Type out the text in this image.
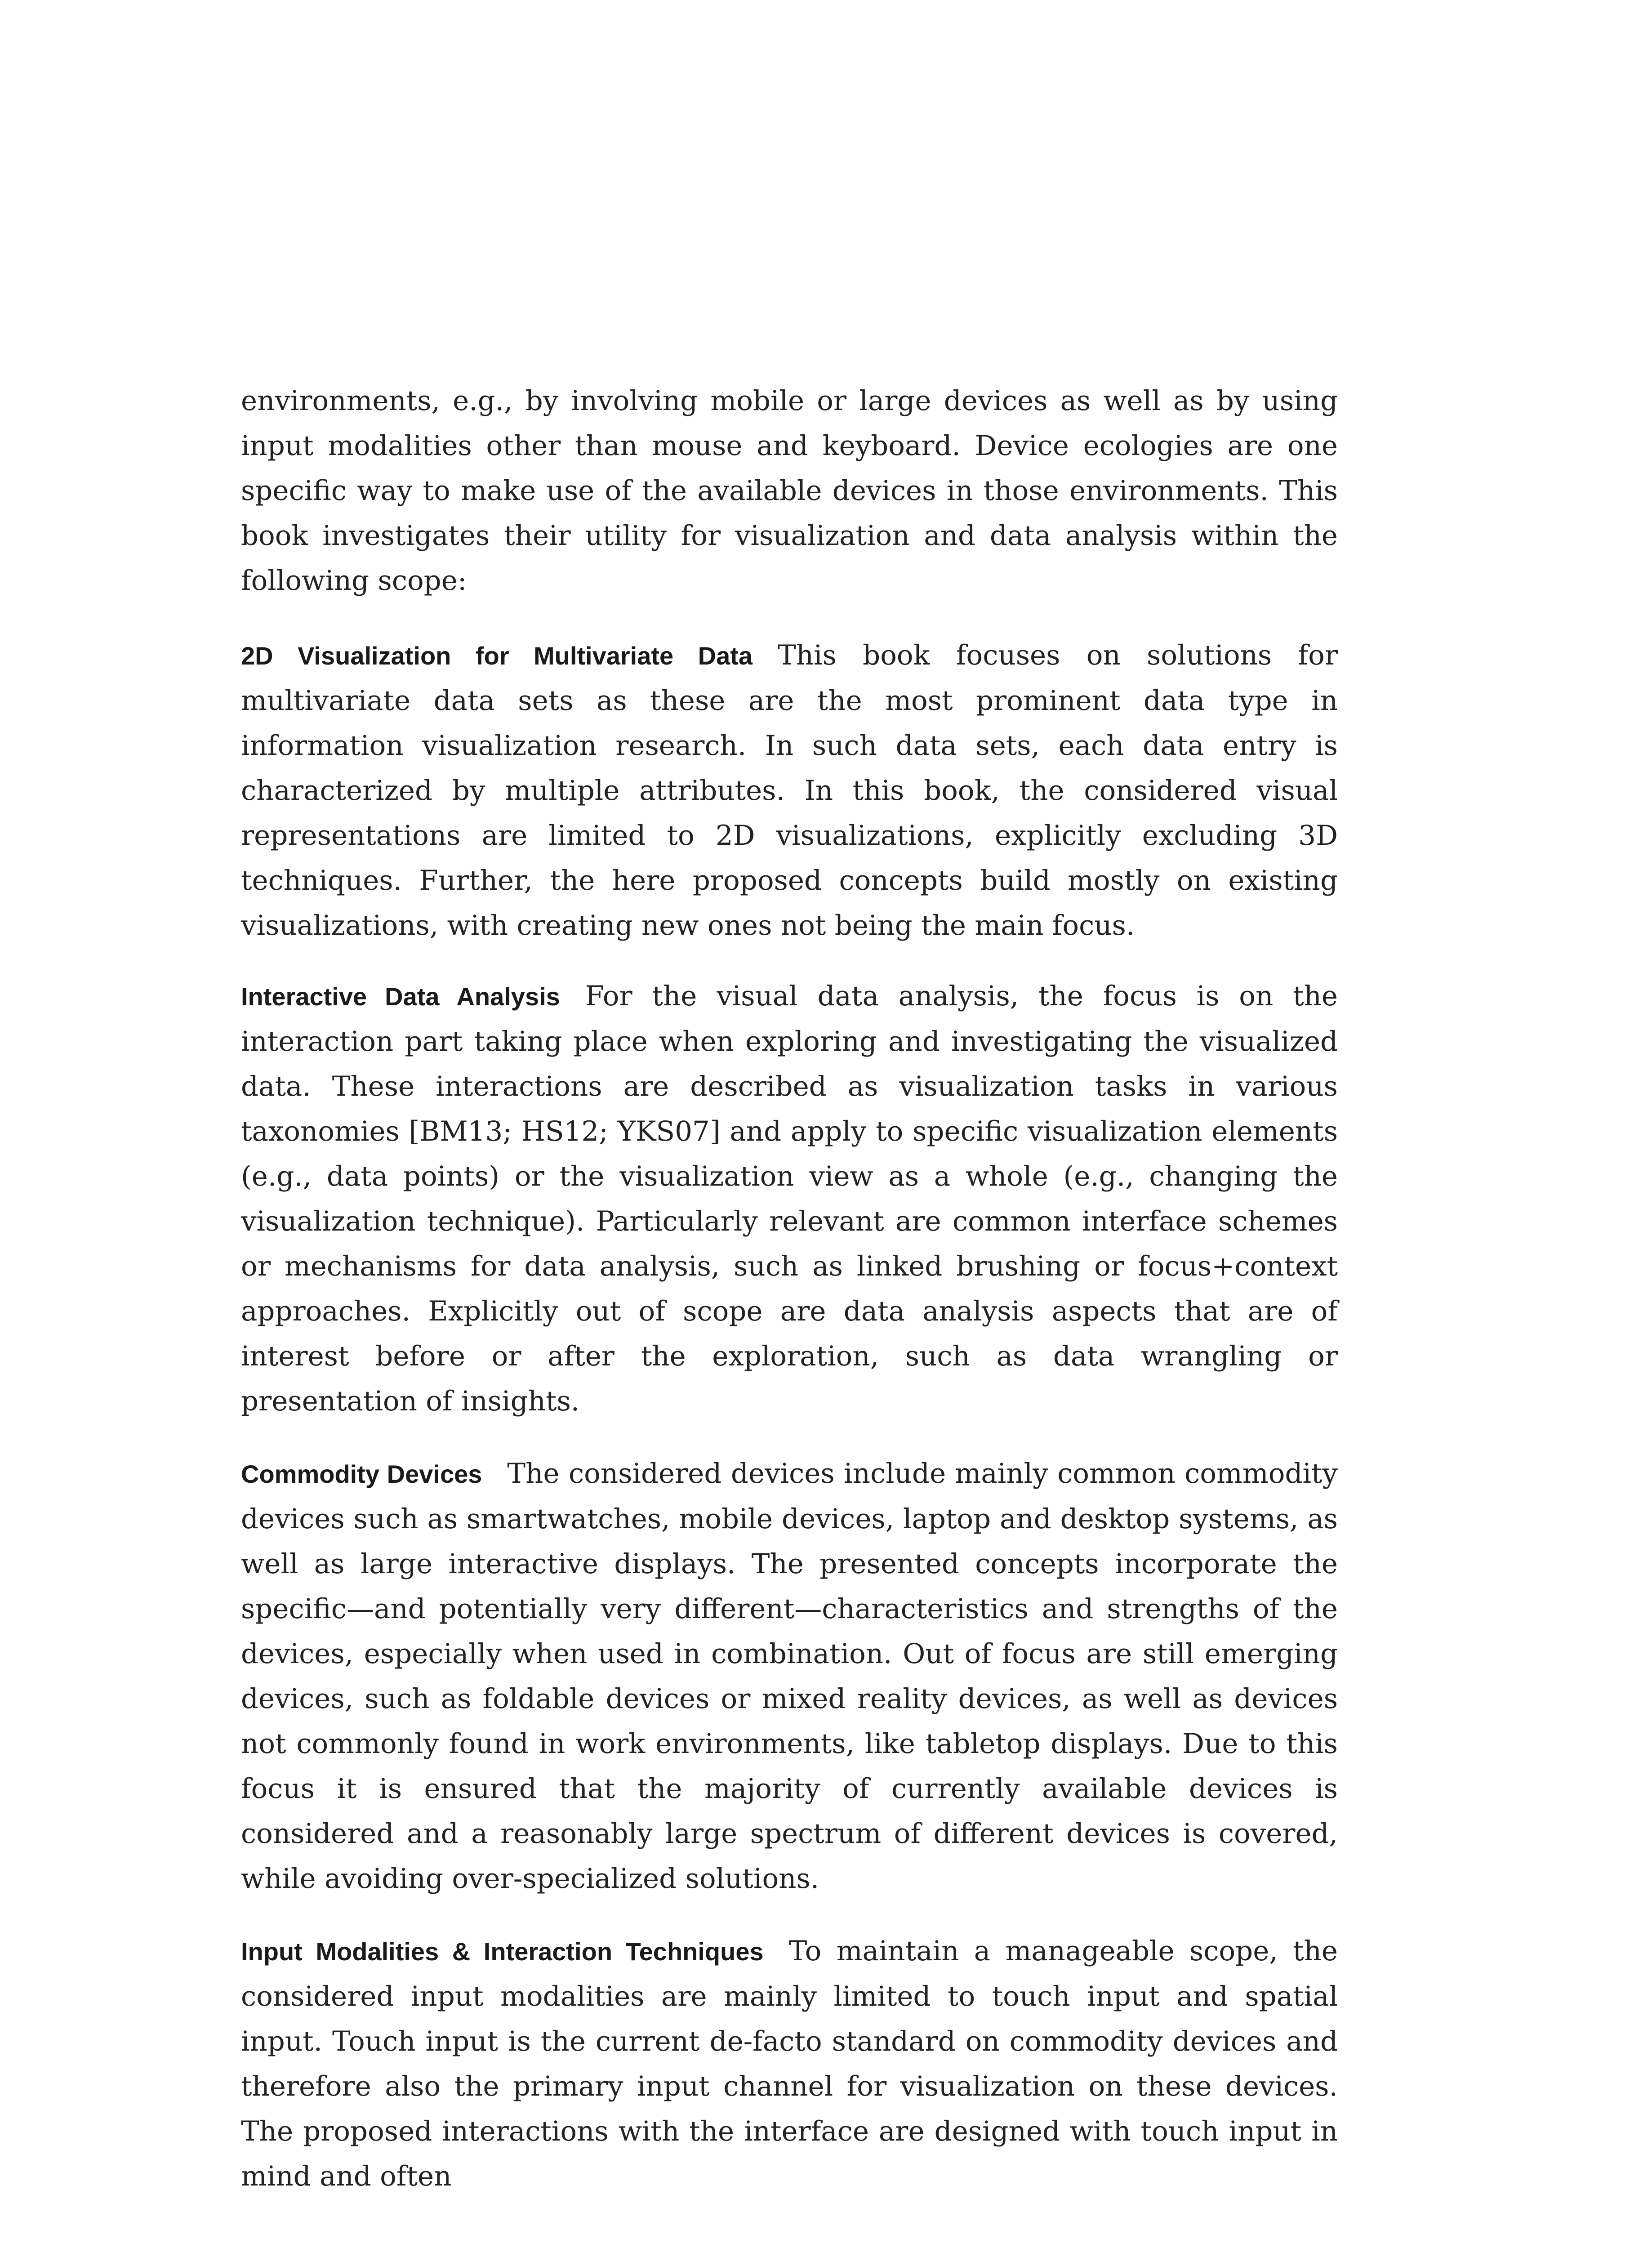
environments, e.g., by involving mobile or large devices as well as by using input modalities other than mouse and keyboard. Device ecologies are one specific way to make use of the available devices in those environments. This book investigates their utility for visualization and data analysis within the following scope:

2D Visualization for Multivariate Data This book focuses on solutions for multivariate data sets as these are the most prominent data type in information visualization research. In such data sets, each data entry is characterized by multiple attributes. In this book, the considered visual representations are limited to 2D visualizations, explicitly excluding 3D techniques. Further, the here proposed concepts build mostly on existing visualizations, with creating new ones not being the main focus.

Interactive Data Analysis For the visual data analysis, the focus is on the interaction part taking place when exploring and investigating the visualized data. These interactions are described as visualization tasks in various taxonomies [BM13; HS12; YKS07] and apply to specific visualization elements (e.g., data points) or the visualization view as a whole (e.g., changing the visualization technique). Particularly relevant are common interface schemes or mechanisms for data analysis, such as linked brushing or focus+context approaches. Explicitly out of scope are data analysis aspects that are of interest before or after the exploration, such as data wrangling or presentation of insights.

Commodity Devices The considered devices include mainly common commodity devices such as smartwatches, mobile devices, laptop and desktop systems, as well as large interactive displays. The presented concepts incorporate the specific—and potentially very different—characteristics and strengths of the devices, especially when used in combination. Out of focus are still emerging devices, such as foldable devices or mixed reality devices, as well as devices not commonly found in work environments, like tabletop displays. Due to this focus it is ensured that the majority of currently available devices is considered and a reasonably large spectrum of different devices is covered, while avoiding over-specialized solutions.

Input Modalities & Interaction Techniques To maintain a manageable scope, the considered input modalities are mainly limited to touch input and spatial input. Touch input is the current de-facto standard on commodity devices and therefore also the primary input channel for visualization on these devices. The proposed interactions with the interface are designed with touch input in mind and often
